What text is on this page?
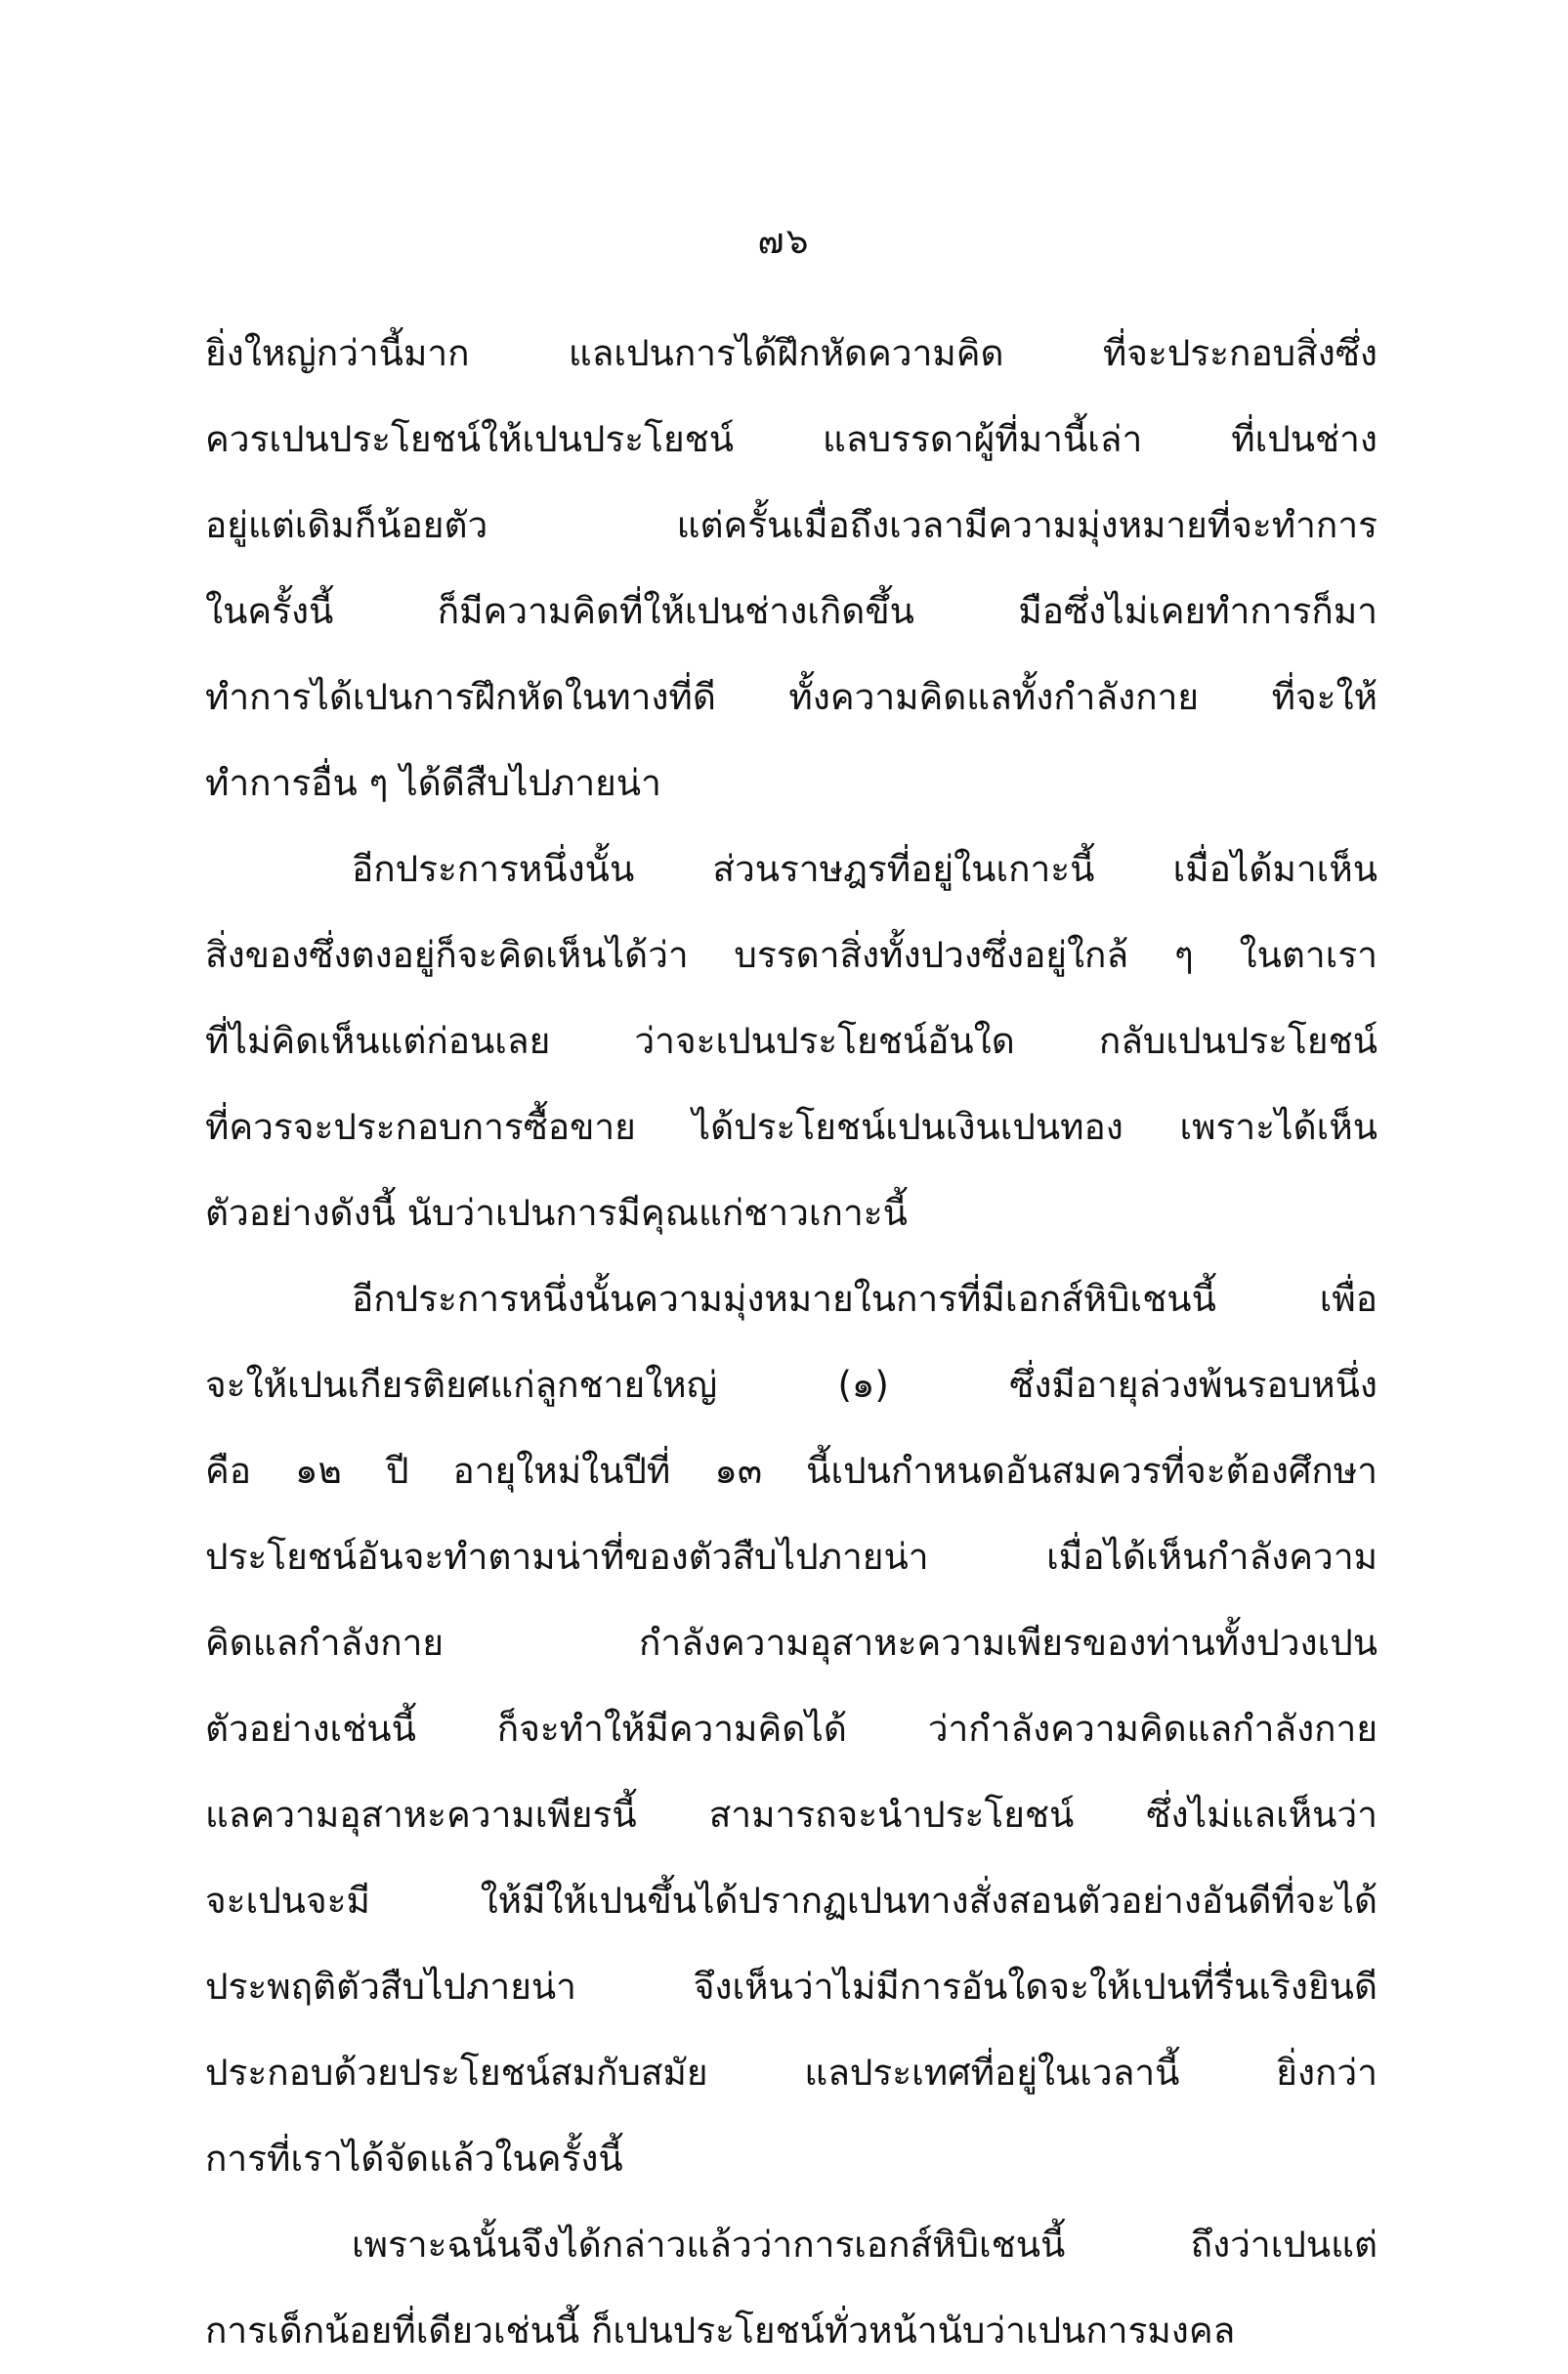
๗๖
ยิ่งใหญ่กว่านี้มาก แลเปนการได้ฝึกหัดความคิด ที่จะประกอบสิ่งซึ่ง
ควรเปนประโยชน์ให้เปนประโยชน์ แลบรรดาผู้ที่มานี้เล่า ที่เปนช่าง
อยู่แต่เดิมก็น้อยตัว แต่ครั้นเมื่อถึงเวลามีความมุ่งหมายที่จะทำการ
ในครั้งนี้ ก็มีความคิดที่ให้เปนช่างเกิดขึ้น มือซึ่งไม่เคยทำการก็มา
ทำการได้เปนการฝึกหัดในทางที่ดี ทั้งความคิดแลทั้งกำลังกาย ที่จะให้
ทำการอื่น ๆ ได้ดีสืบไปภายน่า
อีกประการหนึ่งนั้น ส่วนราษฎรที่อยู่ในเกาะนี้ เมื่อได้มาเห็น
สิ่งของซึ่งตงอยู่ก็จะคิดเห็นได้ว่า บรรดาสิ่งทั้งปวงซึ่งอยู่ใกล้ ๆ ในตาเรา
ที่ไม่คิดเห็นแต่ก่อนเลย ว่าจะเปนประโยชน์อันใด กลับเปนประโยชน์
ที่ควรจะประกอบการซื้อขาย ได้ประโยชน์เปนเงินเปนทอง เพราะได้เห็น
ตัวอย่างดังนี้ นับว่าเปนการมีคุณแก่ชาวเกาะนี้
อีกประการหนึ่งนั้นความมุ่งหมายในการที่มีเอกส์หิบิเชนนี้ เพื่อ
จะให้เปนเกียรติยศแก่ลูกชายใหญ่ (๑) ซึ่งมีอายุล่วงพ้นรอบหนึ่ง
คือ ๑๒ ปี อายุใหม่ในปีที่ ๑๓ นี้เปนกำหนดอันสมควรที่จะต้องศึกษา
ประโยชน์อันจะทำตามน่าที่ของตัวสืบไปภายน่า เมื่อได้เห็นกำลังความ
คิดแลกำลังกาย กำลังความอุสาหะความเพียรของท่านทั้งปวงเปน
ตัวอย่างเช่นนี้ ก็จะทำให้มีความคิดได้ ว่ากำลังความคิดแลกำลังกาย
แลความอุสาหะความเพียรนี้ สามารถจะนำประโยชน์ ซึ่งไม่แลเห็นว่า
จะเปนจะมี ให้มีให้เปนขึ้นได้ปรากฏเปนทางสั่งสอนตัวอย่างอันดีที่จะได้
ประพฤติตัวสืบไปภายน่า จึงเห็นว่าไม่มีการอันใดจะให้เปนที่รื่นเริงยินดี
ประกอบด้วยประโยชน์สมกับสมัย แลประเทศที่อยู่ในเวลานี้ ยิ่งกว่า
การที่เราได้จัดแล้วในครั้งนี้
เพราะฉนั้นจึงได้กล่าวแล้วว่าการเอกส์หิบิเชนนี้ ถึงว่าเปนแต่
การเด็กน้อยที่เดียวเช่นนี้ ก็เปนประโยชน์ทั่วหน้านับว่าเปนการมงคล
